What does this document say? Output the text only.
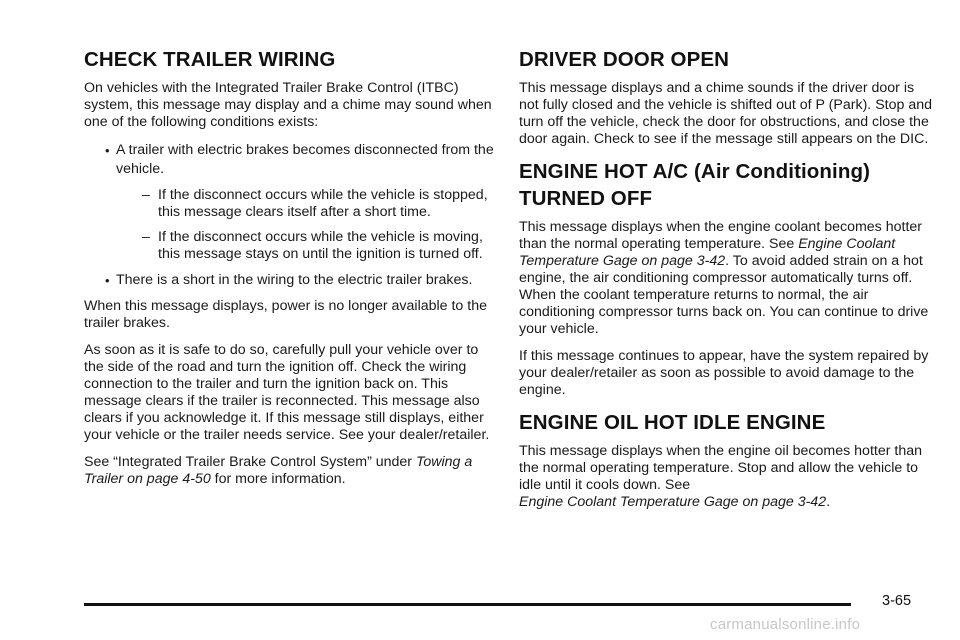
CHECK TRAILER WIRING

On vehicles with the Integrated Trailer Brake Control (ITBC) system, this message may display and a chime may sound when one of the following conditions exists:

• A trailer with electric brakes becomes disconnected from the vehicle.
– If the disconnect occurs while the vehicle is stopped, this message clears itself after a short time.
– If the disconnect occurs while the vehicle is moving, this message stays on until the ignition is turned off.
• There is a short in the wiring to the electric trailer brakes.

When this message displays, power is no longer available to the trailer brakes.

As soon as it is safe to do so, carefully pull your vehicle over to the side of the road and turn the ignition off. Check the wiring connection to the trailer and turn the ignition back on. This message clears if the trailer is reconnected. This message also clears if you acknowledge it. If this message still displays, either your vehicle or the trailer needs service. See your dealer/retailer.

See “Integrated Trailer Brake Control System” under Towing a Trailer on page 4-50 for more information.

DRIVER DOOR OPEN

This message displays and a chime sounds if the driver door is not fully closed and the vehicle is shifted out of P (Park). Stop and turn off the vehicle, check the door for obstructions, and close the door again. Check to see if the message still appears on the DIC.

ENGINE HOT A/C (Air Conditioning) TURNED OFF

This message displays when the engine coolant becomes hotter than the normal operating temperature. See Engine Coolant Temperature Gage on page 3-42. To avoid added strain on a hot engine, the air conditioning compressor automatically turns off. When the coolant temperature returns to normal, the air conditioning compressor turns back on. You can continue to drive your vehicle.

If this message continues to appear, have the system repaired by your dealer/retailer as soon as possible to avoid damage to the engine.

ENGINE OIL HOT IDLE ENGINE

This message displays when the engine oil becomes hotter than the normal operating temperature. Stop and allow the vehicle to idle until it cools down. See
Engine Coolant Temperature Gage on page 3-42.

3-65
carmanualsonline.info
